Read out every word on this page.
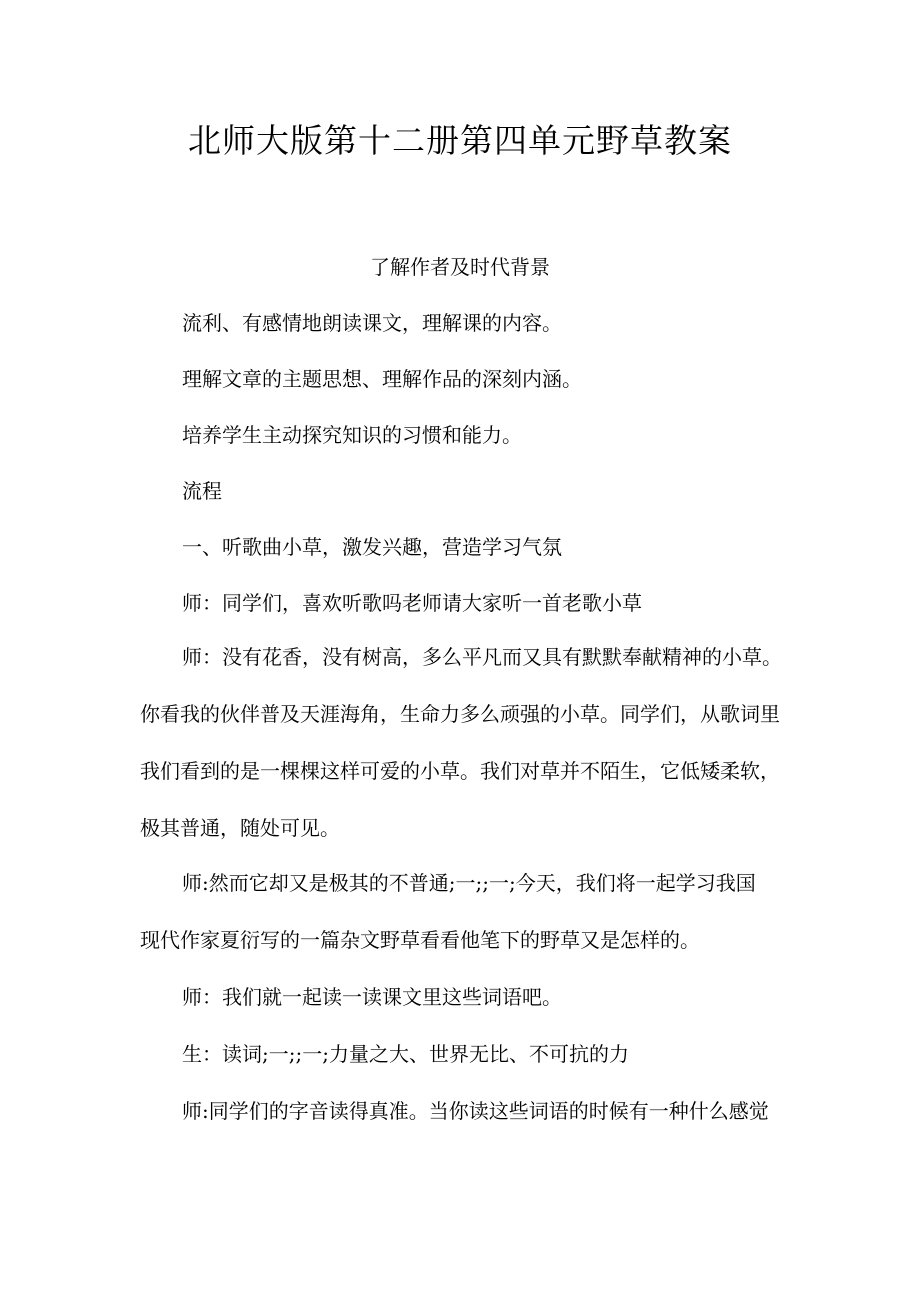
北师大版第十二册第四单元野草教案

了解作者及时代背景

流利、有感情地朗读课文，理解课的内容。

理解文章的主题思想、理解作品的深刻内涵。

培养学生主动探究知识的习惯和能力。

流程

一、听歌曲小草，激发兴趣，营造学习气氛

师：同学们，喜欢听歌吗老师请大家听一首老歌小草

师：没有花香，没有树高，多么平凡而又具有默默奉献精神的小草。
你看我的伙伴普及天涯海角，生命力多么顽强的小草。同学们，从歌词里
我们看到的是一棵棵这样可爱的小草。我们对草并不陌生，它低矮柔软，
极其普通，随处可见。
师:然而它却又是极其的不普通;一;;一;今天，我们将一起学习我国
现代作家夏衍写的一篇杂文野草看看他笔下的野草又是怎样的。

师：我们就一起读一读课文里这些词语吧。

生：读词;一;;一;力量之大、世界无比、不可抗的力

师:同学们的字音读得真准。当你读这些词语的时候有一种什么感觉
